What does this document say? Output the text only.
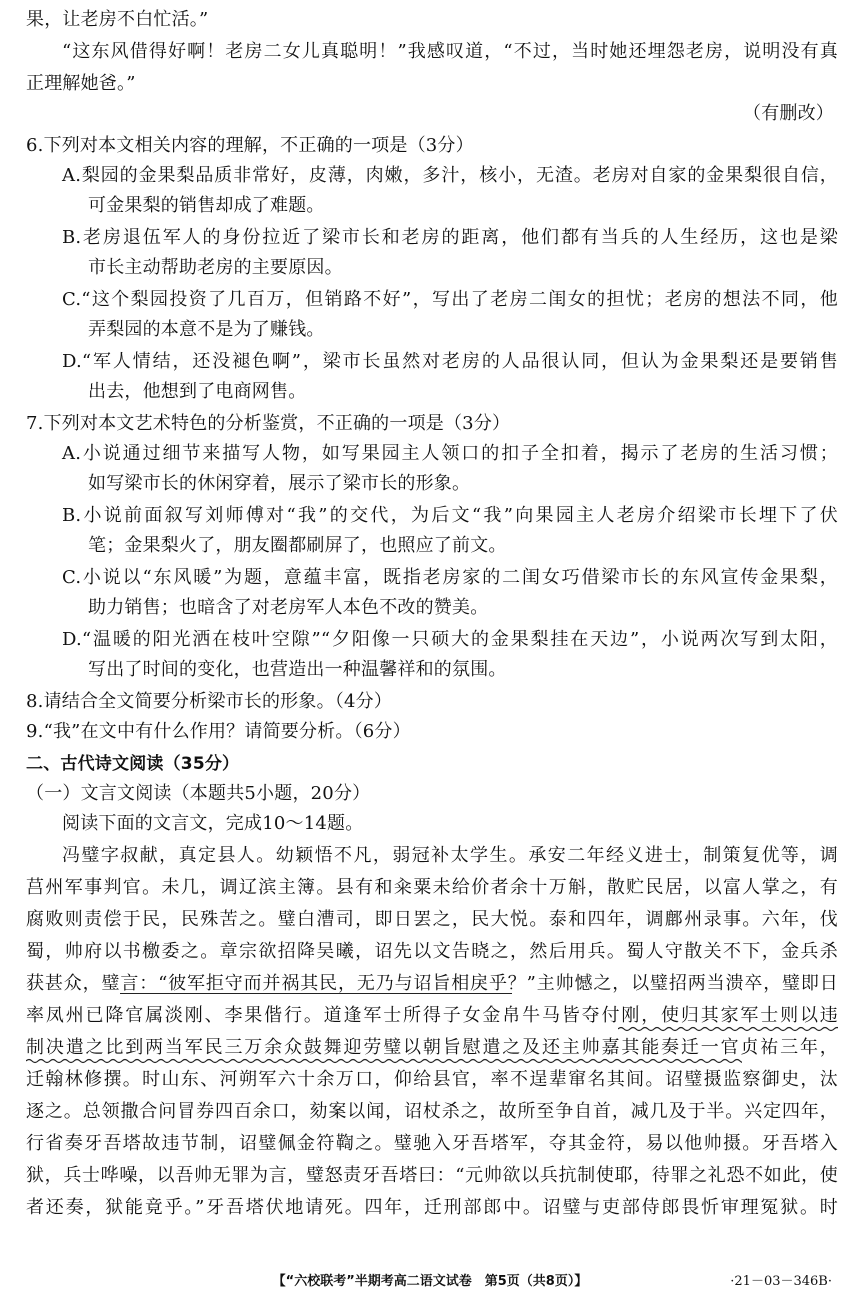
果，让老房不白忙活。”
“这东风借得好啊！老房二女儿真聪明！”我感叹道，“不过，当时她还埋怨老房，说明没有真
正理解她爸。”
（有删改）
6.下列对本文相关内容的理解，不正确的一项是（3分）
A.梨园的金果梨品质非常好，皮薄，肉嫩，多汁，核小，无渣。老房对自家的金果梨很自信，
可金果梨的销售却成了难题。
B.老房退伍军人的身份拉近了梁市长和老房的距离，他们都有当兵的人生经历，这也是梁
市长主动帮助老房的主要原因。
C.“这个梨园投资了几百万，但销路不好”，写出了老房二闺女的担忧；老房的想法不同，他
弄梨园的本意不是为了赚钱。
D.“军人情结，还没褪色啊”，梁市长虽然对老房的人品很认同，但认为金果梨还是要销售
出去，他想到了电商网售。
7.下列对本文艺术特色的分析鉴赏，不正确的一项是（3分）
A.小说通过细节来描写人物，如写果园主人领口的扣子全扣着，揭示了老房的生活习惯；
如写梁市长的休闲穿着，展示了梁市长的形象。
B.小说前面叙写刘师傅对“我”的交代，为后文“我”向果园主人老房介绍梁市长埋下了伏
笔；金果梨火了，朋友圈都刷屏了，也照应了前文。
C.小说以“东风暖”为题，意蕴丰富，既指老房家的二闺女巧借梁市长的东风宣传金果梨，
助力销售；也暗含了对老房军人本色不改的赞美。
D.“温暖的阳光洒在枝叶空隙”“夕阳像一只硕大的金果梨挂在天边”，小说两次写到太阳，
写出了时间的变化，也营造出一种温馨祥和的氛围。
8.请结合全文简要分析梁市长的形象。（4分）
9.“我”在文中有什么作用？请简要分析。（6分）
二、古代诗文阅读（35分）
（一）文言文阅读（本题共5小题，20分）
阅读下面的文言文，完成10～14题。
冯璧字叔献，真定县人。幼颖悟不凡，弱冠补太学生。承安二年经义进士，制策复优等，调
莒州军事判官。未几，调辽滨主簿。县有和籴粟未给价者余十万斛，散贮民居，以富人掌之，有
腐败则责偿于民，民殊苦之。璧白漕司，即日罢之，民大悦。泰和四年，调鄜州录事。六年，伐
蜀，帅府以书檄委之。章宗欲招降吴曦，诏先以文告晓之，然后用兵。蜀人守散关不下，金兵杀
获甚众，璧言：“彼军拒守而并祸其民，无乃与诏旨相戾乎？”主帅憾之，以璧招两当溃卒，璧即日
率凤州已降官属淡刚、李果偕行。道逢军士所得子女金帛牛马皆夺付刚，使归其家军士则以违
制决遣之比到两当军民三万余众鼓舞迎劳璧以朝旨慰遣之及还主帅嘉其能奏迁一官贞祐三年，
迁翰林修撰。时山东、河朔军六十余万口，仰给县官，率不逞辈窜名其间。诏璧摄监察御史，汰
逐之。总领撒合问冒券四百余口，劾案以闻，诏杖杀之，故所至争自首，减几及于半。兴定四年，
行省奏牙吾塔故违节制，诏璧佩金符鞫之。璧驰入牙吾塔军，夺其金符，易以他帅摄。牙吾塔入
狱，兵士哗噪，以吾帅无罪为言，璧怒责牙吾塔曰：“元帅欲以兵抗制使耶，待罪之礼恐不如此，使
者还奏，狱能竟乎。”牙吾塔伏地请死。四年，迁刑部郎中。诏璧与吏部侍郎畏忻审理冤狱。时
【“六校联考”半期考高二语文试卷　第5页（共8页）】	·21－03－346B·
